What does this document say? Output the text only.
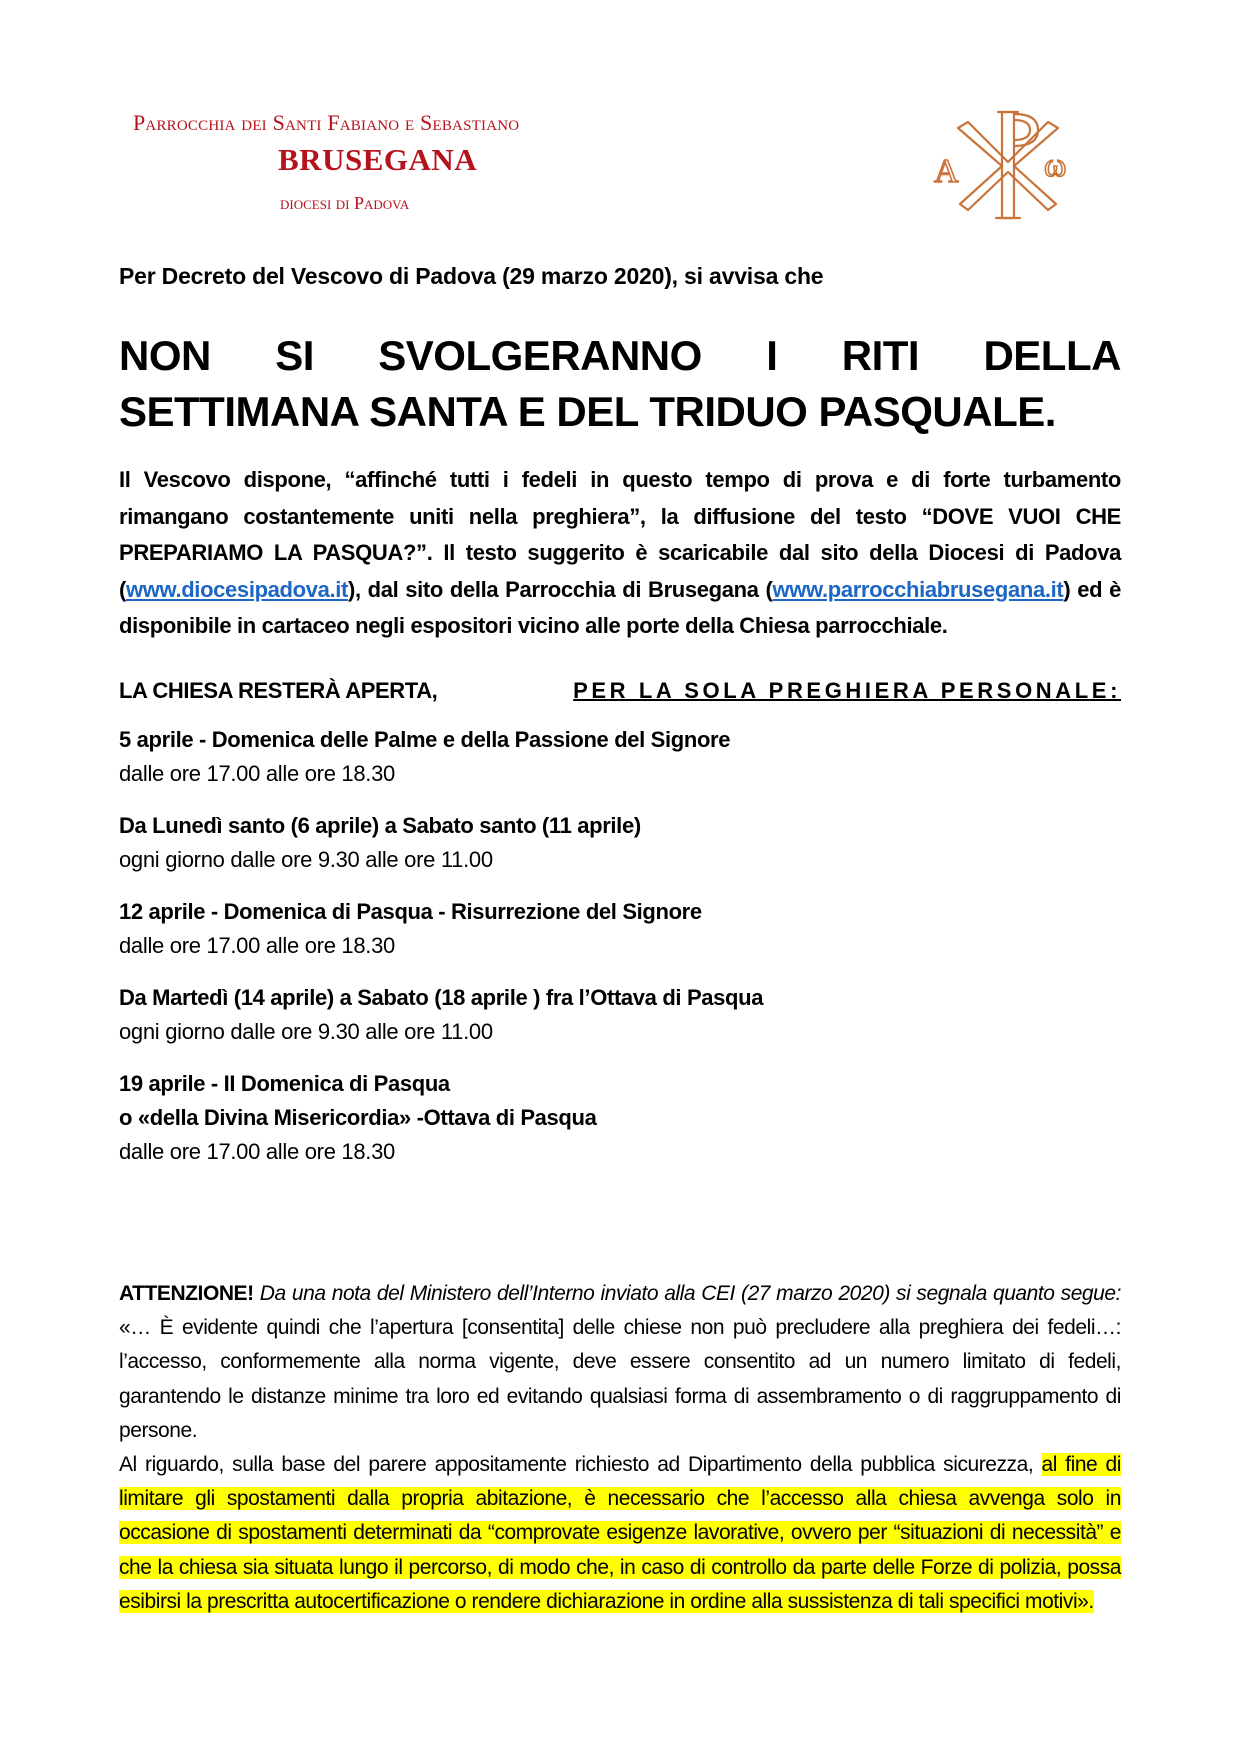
Parrocchia dei Santi Fabiano e Sebastiano
BRUSEGANA
diocesi di Padova
A	ω
P

Per Decreto del Vescovo di Padova (29 marzo 2020), si avvisa che

NON SI SVOLGERANNO I RITI DELLA
SETTIMANA SANTA E DEL TRIDUO PASQUALE.

Il Vescovo dispone, “affinché tutti i fedeli in questo tempo di prova e di forte turbamento rimangano costantemente uniti nella preghiera”, la diffusione del testo “DOVE VUOI CHE PREPARIAMO LA PASQUA?”. Il testo suggerito è scaricabile dal sito della Diocesi di Padova (www.diocesipadova.it), dal sito della Parrocchia di Brusegana (www.parrocchiabrusegana.it) ed è disponibile in cartaceo negli espositori vicino alle porte della Chiesa parrocchiale.

LA CHIESA RESTERÀ APERTA,	PER LA SOLA PREGHIERA PERSONALE:
5 aprile - Domenica delle Palme e della Passione del Signore
dalle ore 17.00 alle ore 18.30
Da Lunedì santo (6 aprile) a Sabato santo (11 aprile)
ogni giorno dalle ore 9.30 alle ore 11.00
12 aprile - Domenica di Pasqua - Risurrezione del Signore
dalle ore 17.00 alle ore 18.30
Da Martedì (14 aprile) a Sabato (18 aprile ) fra l’Ottava di Pasqua
ogni giorno dalle ore 9.30 alle ore 11.00
19 aprile - II Domenica di Pasqua
o «della Divina Misericordia» -Ottava di Pasqua
dalle ore 17.00 alle ore 18.30

ATTENZIONE! Da una nota del Ministero dell’Interno inviato alla CEI (27 marzo 2020) si segnala quanto segue: «… È evidente quindi che l’apertura [consentita] delle chiese non può precludere alla preghiera dei fedeli…: l’accesso, conformemente alla norma vigente, deve essere consentito ad un numero limitato di fedeli, garantendo le distanze minime tra loro ed evitando qualsiasi forma di assembramento o di raggruppamento di persone.

Al riguardo, sulla base del parere appositamente richiesto ad Dipartimento della pubblica sicurezza, al fine di limitare gli spostamenti dalla propria abitazione, è necessario che l’accesso alla chiesa avvenga solo in occasione di spostamenti determinati da “comprovate esigenze lavorative, ovvero per “situazioni di necessità” e che la chiesa sia situata lungo il percorso, di modo che, in caso di controllo da parte delle Forze di polizia, possa esibirsi la prescritta autocertificazione o rendere dichiarazione in ordine alla sussistenza di tali specifici motivi».
